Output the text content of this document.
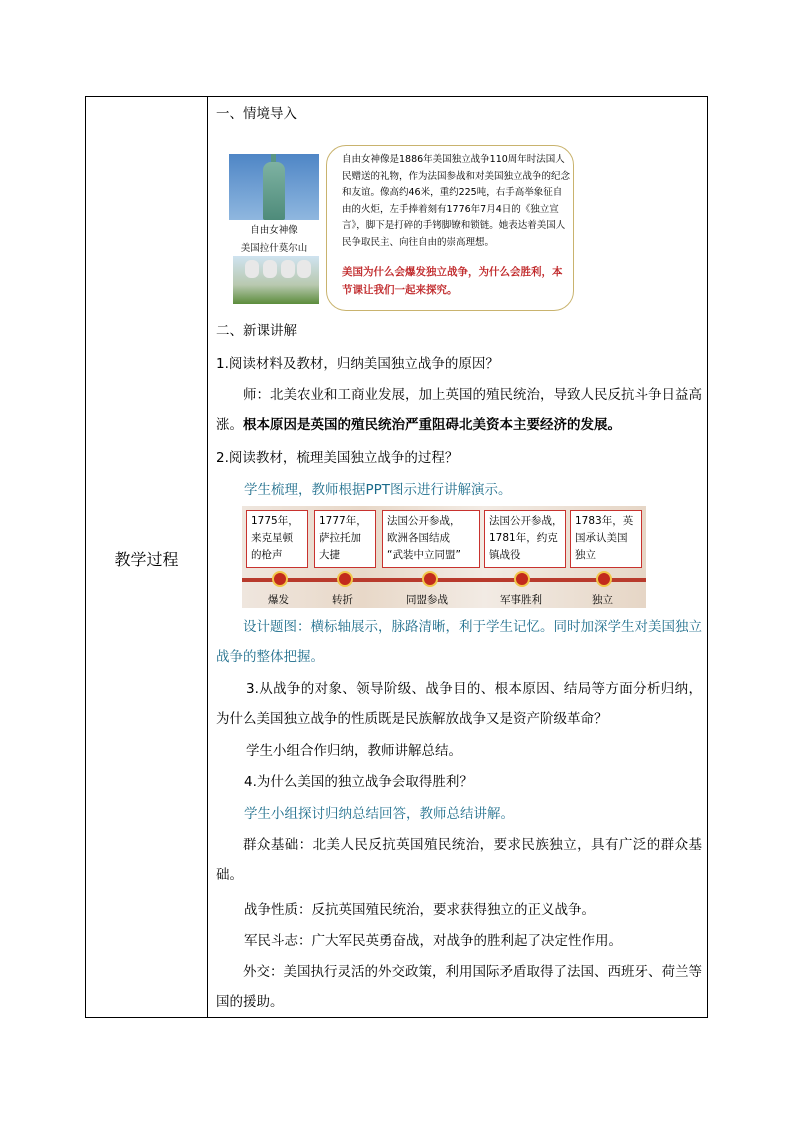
教学过程
一、情境导入
自由女神像
美国拉什莫尔山
自由女神像是1886年美国独立战争110周年时法国人民赠送的礼物，作为法国参战和对美国独立战争的纪念和友谊。像高约46米，重约225吨，右手高举象征自由的火炬，左手捧着刻有1776年7月4日的《独立宣言》，脚下是打碎的手铐脚镣和锁链。她表达着美国人民争取民主、向往自由的崇高理想。
美国为什么会爆发独立战争，为什么会胜利，本节课让我们一起来探究。
二、新课讲解
1.阅读材料及教材，归纳美国独立战争的原因？
师：北美农业和工商业发展，加上英国的殖民统治，导致人民反抗斗争日益高涨。根本原因是英国的殖民统治严重阻碍北美资本主要经济的发展。
2.阅读教材，梳理美国独立战争的过程？
学生梳理，教师根据PPT图示进行讲解演示。
1775年，
来克星顿
的枪声
1777年，
萨拉托加
大捷
法国公开参战，
欧洲各国结成
“武装中立同盟”
法国公开参战，
1781年，约克
镇战役
1783年，英
国承认美国
独立
爆发	转折	同盟参战	军事胜利	独立
设计题图：横标轴展示，脉路清晰，利于学生记忆。同时加深学生对美国独立战争的整体把握。
3.从战争的对象、领导阶级、战争目的、根本原因、结局等方面分析归纳，为什么美国独立战争的性质既是民族解放战争又是资产阶级革命？
学生小组合作归纳，教师讲解总结。
4.为什么美国的独立战争会取得胜利？
学生小组探讨归纳总结回答，教师总结讲解。
群众基础：北美人民反抗英国殖民统治，要求民族独立，具有广泛的群众基础。
战争性质：反抗英国殖民统治，要求获得独立的正义战争。
军民斗志：广大军民英勇奋战，对战争的胜利起了决定性作用。
外交：美国执行灵活的外交政策，利用国际矛盾取得了法国、西班牙、荷兰等国的援助。
